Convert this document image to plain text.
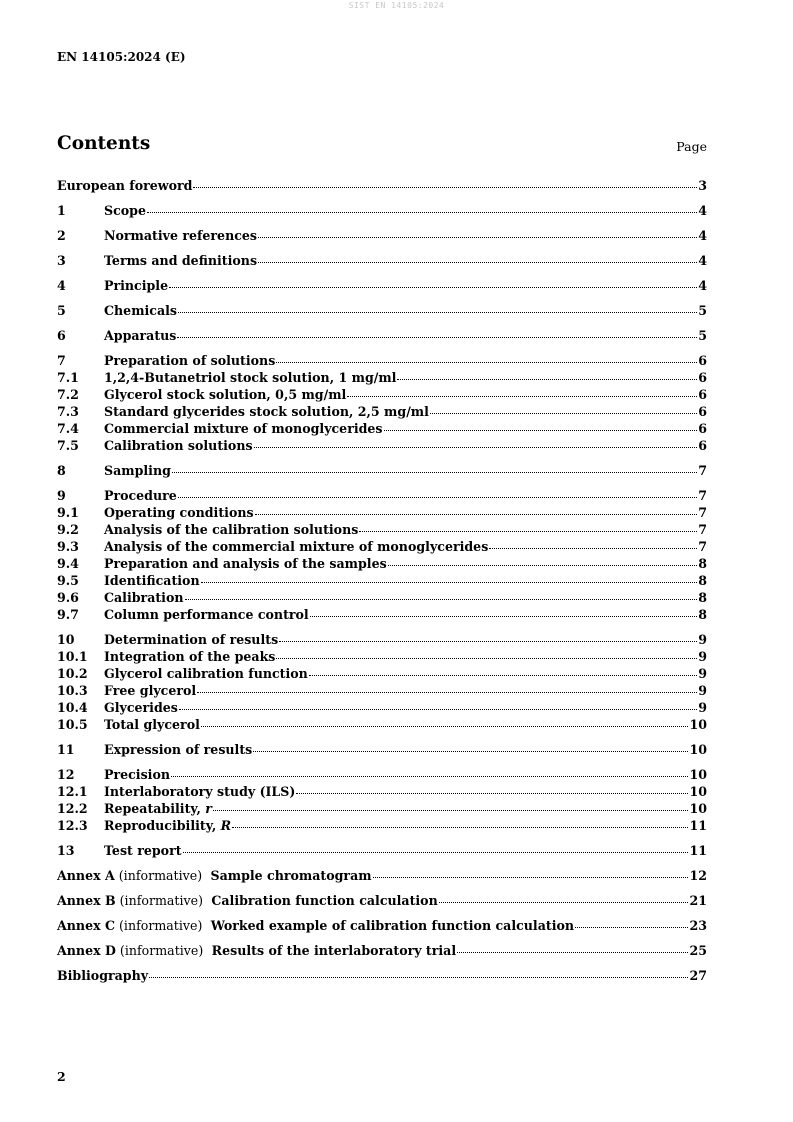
SIST EN 14105:2024
EN 14105:2024 (E)
Contents	Page
European foreword	3
1	Scope	4
2	Normative references	4
3	Terms and definitions	4
4	Principle	4
5	Chemicals	5
6	Apparatus	5
7	Preparation of solutions	6
7.1	1,2,4-Butanetriol stock solution, 1 mg/ml	6
7.2	Glycerol stock solution, 0,5 mg/ml	6
7.3	Standard glycerides stock solution, 2,5 mg/ml	6
7.4	Commercial mixture of monoglycerides	6
7.5	Calibration solutions	6
8	Sampling	7
9	Procedure	7
9.1	Operating conditions	7
9.2	Analysis of the calibration solutions	7
9.3	Analysis of the commercial mixture of monoglycerides	7
9.4	Preparation and analysis of the samples	8
9.5	Identification	8
9.6	Calibration	8
9.7	Column performance control	8
10	Determination of results	9
10.1	Integration of the peaks	9
10.2	Glycerol calibration function	9
10.3	Free glycerol	9
10.4	Glycerides	9
10.5	Total glycerol	10
11	Expression of results	10
12	Precision	10
12.1	Interlaboratory study (ILS)	10
12.2	Repeatability, r	10
12.3	Reproducibility, R	11
13	Test report	11
Annex A (informative)  Sample chromatogram	12
Annex B (informative)  Calibration function calculation	21
Annex C (informative)  Worked example of calibration function calculation	23
Annex D (informative)  Results of the interlaboratory trial	25
Bibliography	27
2
